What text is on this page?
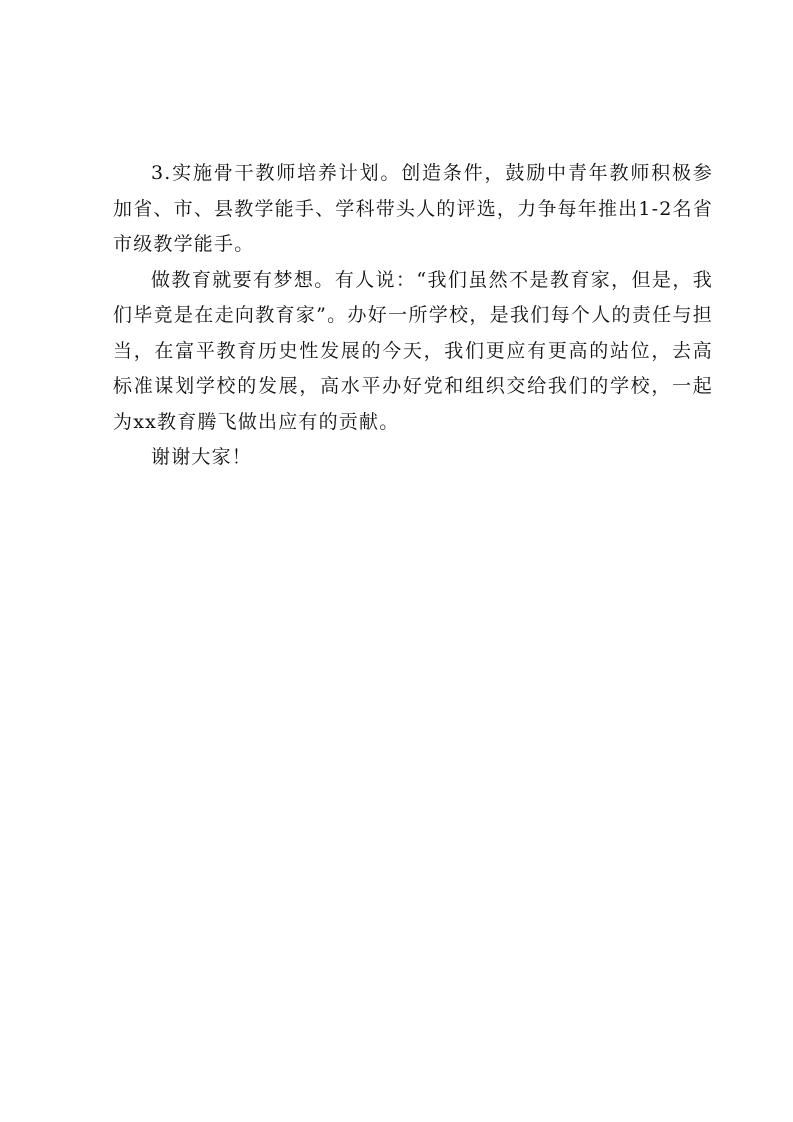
3.实施骨干教师培养计划。创造条件，鼓励中青年教师积极参加省、市、县教学能手、学科带头人的评选，力争每年推出1-2名省市级教学能手。

做教育就要有梦想。有人说：“我们虽然不是教育家，但是，我们毕竟是在走向教育家”。办好一所学校，是我们每个人的责任与担当，在富平教育历史性发展的今天，我们更应有更高的站位，去高标准谋划学校的发展，高水平办好党和组织交给我们的学校，一起为xx教育腾飞做出应有的贡献。

谢谢大家！
